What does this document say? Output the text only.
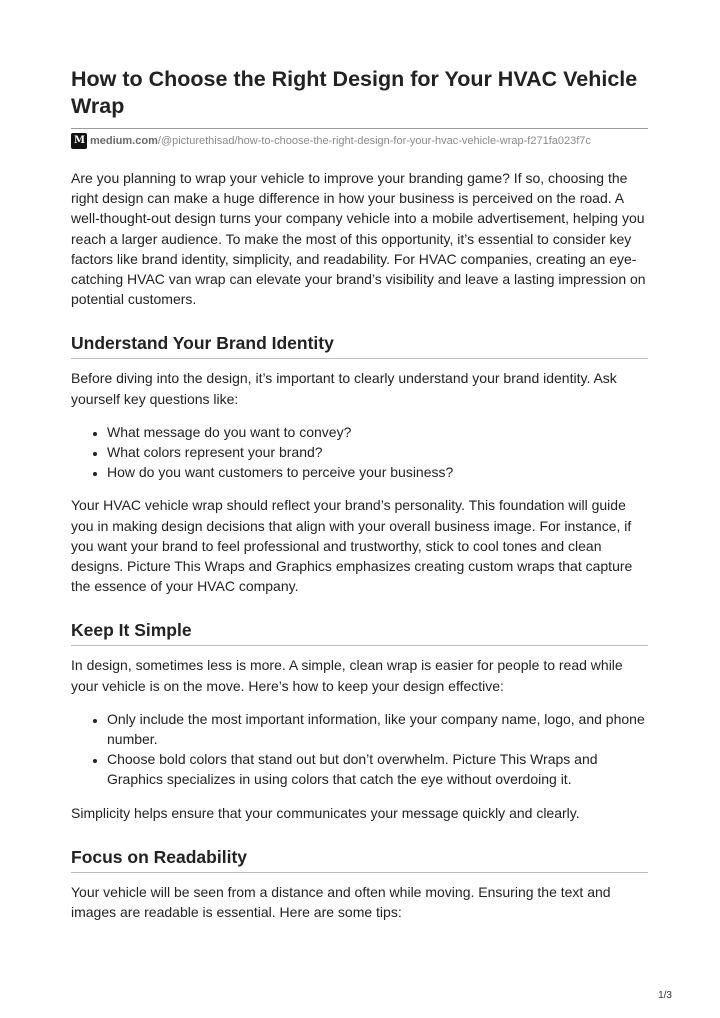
How to Choose the Right Design for Your HVAC Vehicle Wrap
M medium.com/@picturethisad/how-to-choose-the-right-design-for-your-hvac-vehicle-wrap-f271fa023f7c

Are you planning to wrap your vehicle to improve your branding game? If so, choosing the right design can make a huge difference in how your business is perceived on the road. A well-thought-out design turns your company vehicle into a mobile advertisement, helping you reach a larger audience. To make the most of this opportunity, it’s essential to consider key factors like brand identity, simplicity, and readability. For HVAC companies, creating an eye-catching HVAC van wrap can elevate your brand’s visibility and leave a lasting impression on potential customers.

Understand Your Brand Identity

Before diving into the design, it’s important to clearly understand your brand identity. Ask yourself key questions like:

• What message do you want to convey?
• What colors represent your brand?
• How do you want customers to perceive your business?

Your HVAC vehicle wrap should reflect your brand’s personality. This foundation will guide you in making design decisions that align with your overall business image. For instance, if you want your brand to feel professional and trustworthy, stick to cool tones and clean designs. Picture This Wraps and Graphics emphasizes creating custom wraps that capture the essence of your HVAC company.

Keep It Simple

In design, sometimes less is more. A simple, clean wrap is easier for people to read while your vehicle is on the move. Here’s how to keep your design effective:

• Only include the most important information, like your company name, logo, and phone number.
• Choose bold colors that stand out but don’t overwhelm. Picture This Wraps and Graphics specializes in using colors that catch the eye without overdoing it.

Simplicity helps ensure that your communicates your message quickly and clearly.

Focus on Readability

Your vehicle will be seen from a distance and often while moving. Ensuring the text and images are readable is essential. Here are some tips:

1/3
